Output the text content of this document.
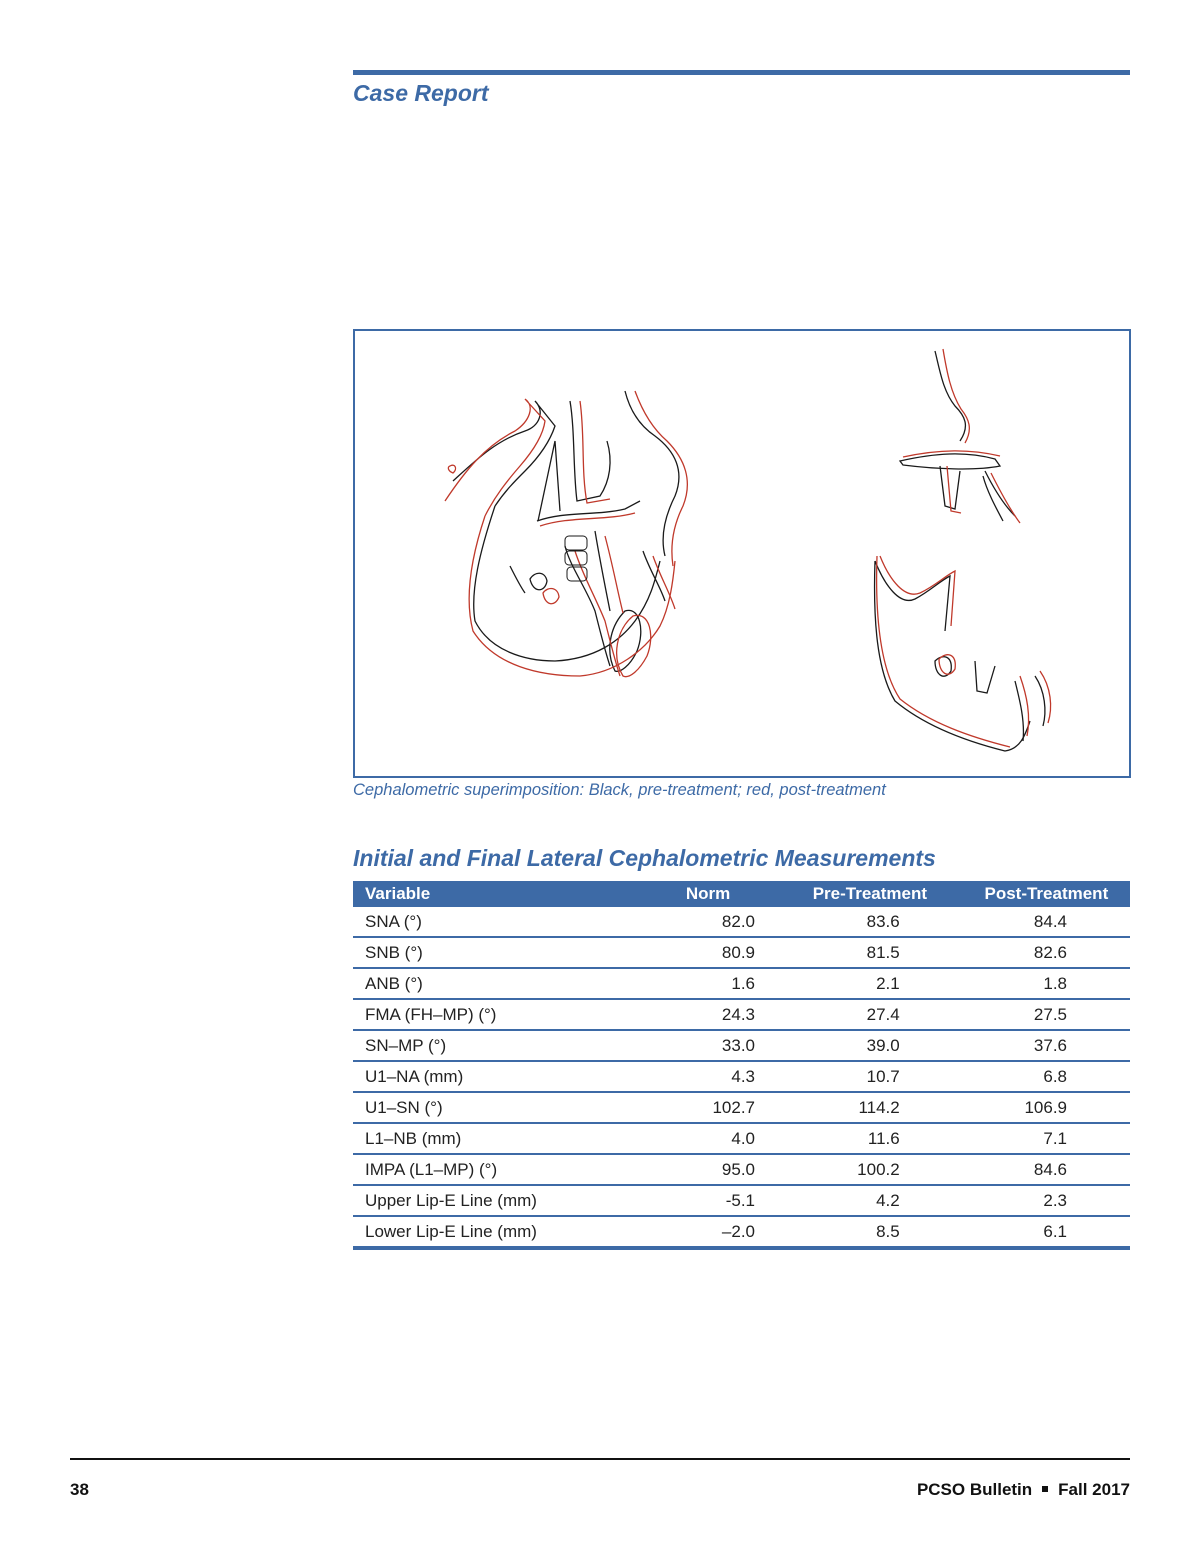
Case Report
Cephalometric superimposition: Black, pre-treatment; red, post-treatment
Initial and Final Lateral Cephalometric Measurements
Variable	Norm	Pre-Treatment	Post-Treatment
SNA (°)	82.0	83.6	84.4
SNB (°)	80.9	81.5	82.6
ANB (°)	1.6	2.1	1.8
FMA (FH–MP) (°)	24.3	27.4	27.5
SN–MP (°)	33.0	39.0	37.6
U1–NA (mm)	4.3	10.7	6.8
U1–SN (°)	102.7	114.2	106.9
L1–NB (mm)	4.0	11.6	7.1
IMPA (L1–MP) (°)	95.0	100.2	84.6
Upper Lip-E Line (mm)	-5.1	4.2	2.3
Lower Lip-E Line (mm)	–2.0	8.5	6.1
38	PCSO Bulletin Fall 2017
